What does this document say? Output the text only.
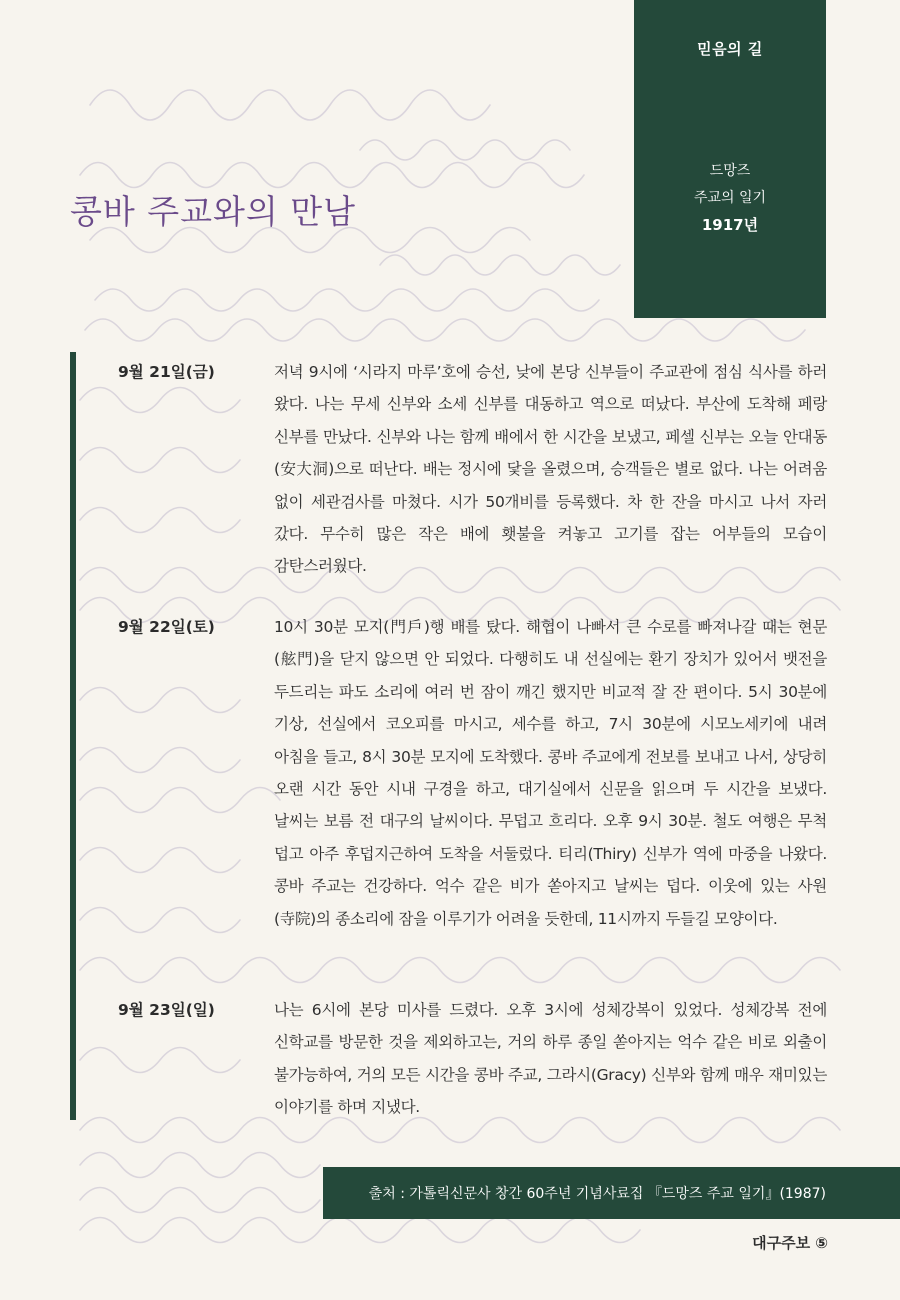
믿음의 길
드망즈
주교의 일기
1917년
콩바 주교와의 만남
9월 21일(금)	저녁 9시에 ‘시라지 마루’호에 승선, 낮에 본당 신부들이 주교관에 점심 식사를 하러 왔다. 나는 무세 신부와 소세 신부를 대동하고 역으로 떠났다. 부산에 도착해 페랑 신부를 만났다. 신부와 나는 함께 배에서 한 시간을 보냈고, 페셀 신부는 오늘 안대동(安大洞)으로 떠난다. 배는 정시에 닻을 올렸으며, 승객들은 별로 없다. 나는 어려움 없이 세관검사를 마쳤다. 시가 50개비를 등록했다. 차 한 잔을 마시고 나서 자러 갔다. 무수히 많은 작은 배에 횃불을 켜놓고 고기를 잡는 어부들의 모습이 감탄스러웠다.
9월 22일(토)	10시 30분 모지(門戶)행 배를 탔다. 해협이 나빠서 큰 수로를 빠져나갈 때는 현문(舷門)을 닫지 않으면 안 되었다. 다행히도 내 선실에는 환기 장치가 있어서 뱃전을 두드리는 파도 소리에 여러 번 잠이 깨긴 했지만 비교적 잘 잔 편이다. 5시 30분에 기상, 선실에서 코오피를 마시고, 세수를 하고, 7시 30분에 시모노세키에 내려 아침을 들고, 8시 30분 모지에 도착했다. 콩바 주교에게 전보를 보내고 나서, 상당히 오랜 시간 동안 시내 구경을 하고, 대기실에서 신문을 읽으며 두 시간을 보냈다. 날씨는 보름 전 대구의 날씨이다. 무덥고 흐리다. 오후 9시 30분. 철도 여행은 무척 덥고 아주 후덥지근하여 도착을 서둘렀다. 티리(Thiry) 신부가 역에 마중을 나왔다. 콩바 주교는 건강하다. 억수 같은 비가 쏟아지고 날씨는 덥다. 이웃에 있는 사원(寺院)의 종소리에 잠을 이루기가 어려울 듯한데, 11시까지 두들길 모양이다.
9월 23일(일)	나는 6시에 본당 미사를 드렸다. 오후 3시에 성체강복이 있었다. 성체강복 전에 신학교를 방문한 것을 제외하고는, 거의 하루 종일 쏟아지는 억수 같은 비로 외출이 불가능하여, 거의 모든 시간을 콩바 주교, 그라시(Gracy) 신부와 함께 매우 재미있는 이야기를 하며 지냈다.
출처 : 가톨릭신문사 창간 60주년 기념사료집 『드망즈 주교 일기』(1987)
대구주보 ⑤
